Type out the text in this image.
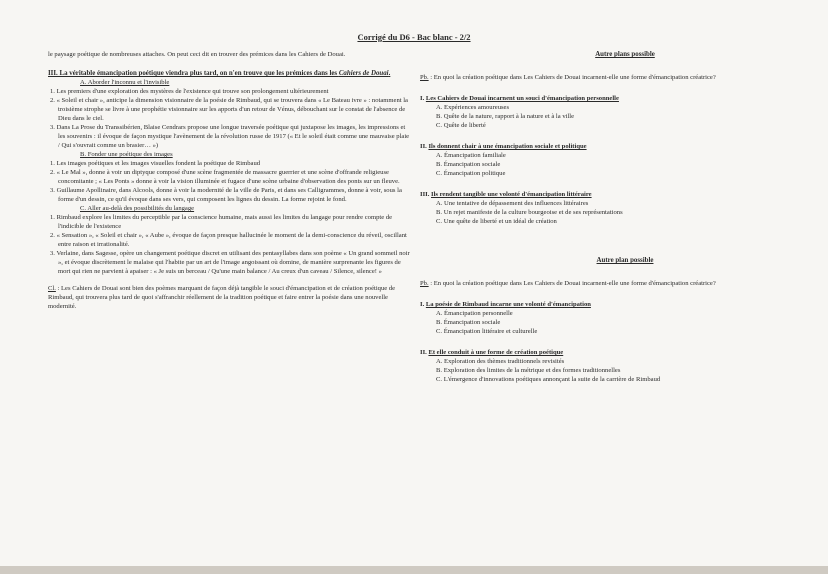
Corrigé du D6 - Bac blanc - 2/2

le paysage poétique de nombreuses attaches. On peut ceci dit en trouver des prémices dans les Cahiers de Douai.

III. La véritable émancipation poétique viendra plus tard, on n'en trouve que les prémices dans les Cahiers de Douai.

A. Aborder l'inconnu et l'invisible

1. Les premiers d'une exploration des mystères de l'existence qui trouve son prolongement ultérieurement

2. « Soleil et chair », anticipe la dimension visionnaire de la poésie de Rimbaud, qui se trouvera dans « Le Bateau ivre » : notamment la troisième strophe se livre à une prophétie visionnaire sur les apports d'un retour de Vénus, débouchant sur le constat de l'absence de Dieu dans le ciel.

3. Dans La Prose du Transsibérien, Blaise Cendrars propose une longue traversée poétique qui juxtapose les images, les impressions et les souvenirs : il évoque de façon mystique l'avènement de la révolution russe de 1917 (« Et le soleil était comme une mauvaise plaie / Qui s'ouvrait comme un brasier… »)

B. Fonder une poétique des images

1. Les images poétiques et les images visuelles fondent la poétique de Rimbaud

2. « Le Mal », donne à voir un diptyque composé d'une scène fragmentée de massacre guerrier et une scène d'offrande religieuse concomitante ; « Les Ponts » donne à voir la vision illuminée et fugace d'une scène urbaine d'observation des ponts sur un fleuve.

3. Guillaume Apollinaire, dans Alcools, donne à voir la modernité de la ville de Paris, et dans ses Calligrammes, donne à voir, sous la forme d'un dessin, ce qu'il évoque dans ses vers, qui composent les lignes du dessin. La forme rejoint le fond.

C. Aller au-delà des possibilités du langage

1. Rimbaud explore les limites du perceptible par la conscience humaine, mais aussi les limites du langage pour rendre compte de l'indicible de l'existence

2. « Sensation », « Soleil et chair », « Aube », évoque de façon presque hallucinée le moment de la demi-conscience du réveil, oscillant entre raison et irrationalité.

3. Verlaine, dans Sagesse, opère un changement poétique discret en utilisant des pentasyllabes dans son poème « Un grand sommeil noir », et évoque discrètement le malaise qui l'habite par un art de l'image angoissant où domine, de manière surprenante les figures de mort qui rien ne parvient à apaiser : « Je suis un berceau / Qu'une main balance / Au creux d'un caveau / Silence, silence! »

Cl. : Les Cahiers de Douai sont bien des poèmes marquant de façon déjà tangible le souci d'émancipation et de création poétique de Rimbaud, qui trouvera plus tard de quoi s'affranchir réellement de la tradition poétique et faire entrer la poésie dans une nouvelle modernité.

Autre plans possible

Pb. : En quoi la création poétique dans Les Cahiers de Douai incarnent-elle une forme d'émancipation créatrice?

I. Les Cahiers de Douai incarnent un souci d'émancipation personnelle

A. Expériences amoureuses

B. Quête de la nature, rapport à la nature et à la ville

C. Quête de liberté

II. Ils donnent chair à une émancipation sociale et politique

A. Émancipation familiale

B. Émancipation sociale

C. Émancipation politique

III. Ils rendent tangible une volonté d'émancipation littéraire

A. Une tentative de dépassement des influences littéraires

B. Un rejet manifeste de la culture bourgeoise et de ses représentations

C. Une quête de liberté et un idéal de création

Autre plan possible

Pb. : En quoi la création poétique dans Les Cahiers de Douai incarnent-elle une forme d'émancipation créatrice?

I. La poésie de Rimbaud incarne une volonté d'émancipation

A. Émancipation personnelle

B. Émancipation sociale

C. Émancipation littéraire et culturelle

II. Et elle conduit à une forme de création poétique

A. Exploration des thèmes traditionnels revisités

B. Exploration des limites de la métrique et des formes traditionnelles

C. L'émergence d'innovations poétiques annonçant la suite de la carrière de Rimbaud
